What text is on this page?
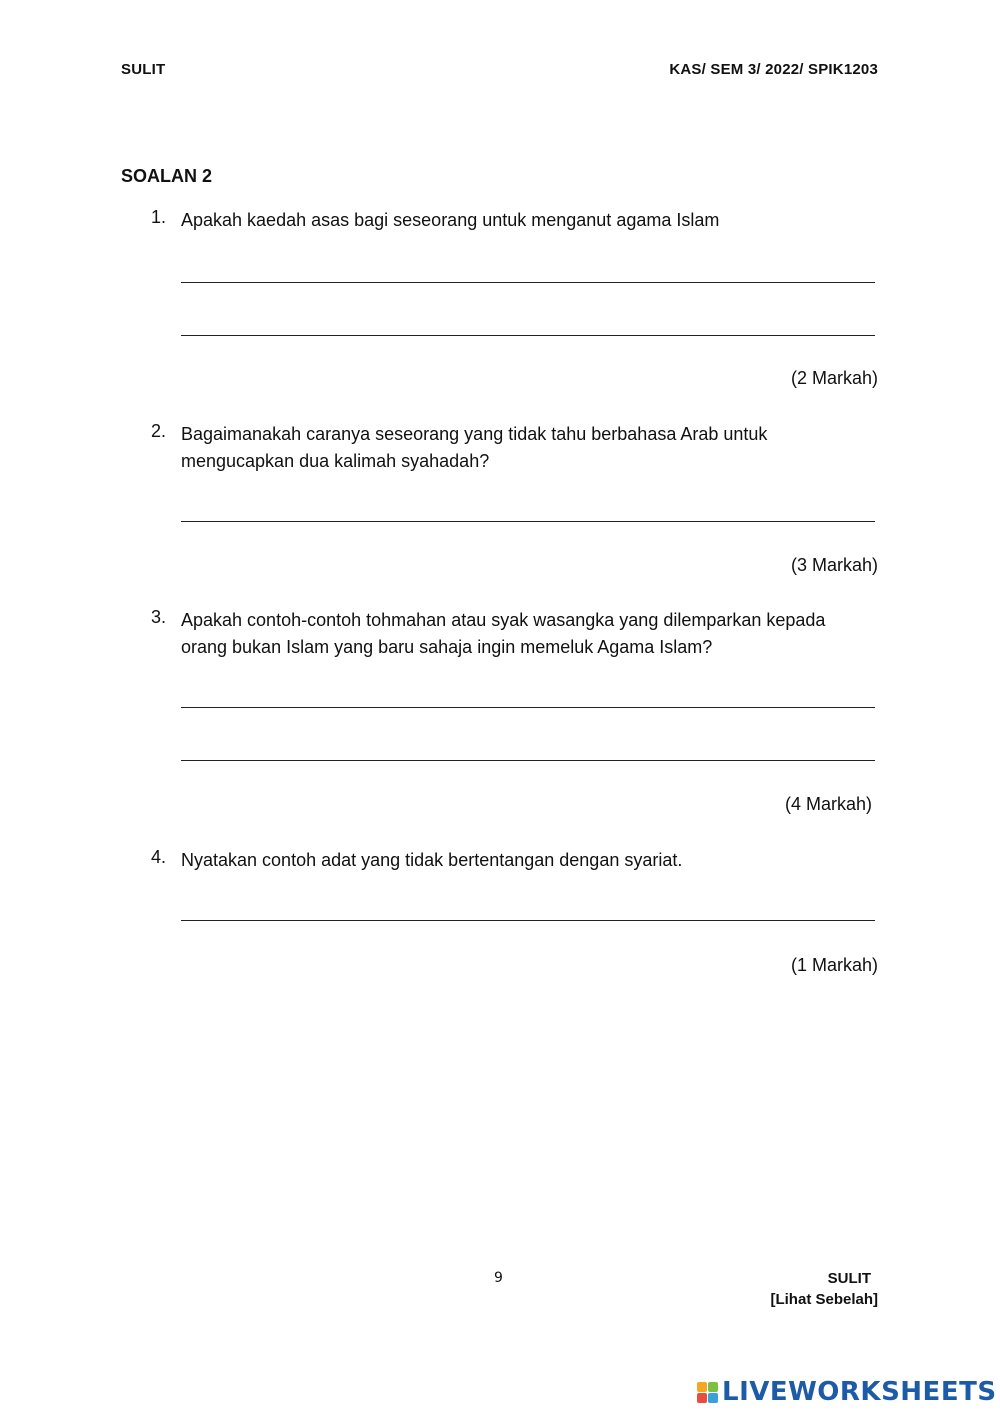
SULIT	KAS/ SEM 3/ 2022/ SPIK1203
SOALAN 2
1. Apakah kaedah asas bagi seseorang untuk menganut agama Islam
(2 Markah)
2. Bagaimanakah caranya seseorang yang tidak tahu berbahasa Arab untuk mengucapkan dua kalimah syahadah?
(3 Markah)
3. Apakah contoh-contoh tohmahan atau syak wasangka yang dilemparkan kepada orang bukan Islam yang baru sahaja ingin memeluk Agama Islam?
(4 Markah)
4. Nyatakan contoh adat yang tidak bertentangan dengan syariat.
(1 Markah)
9	SULIT
[Lihat Sebelah]
LIVEWORKSHEETS
